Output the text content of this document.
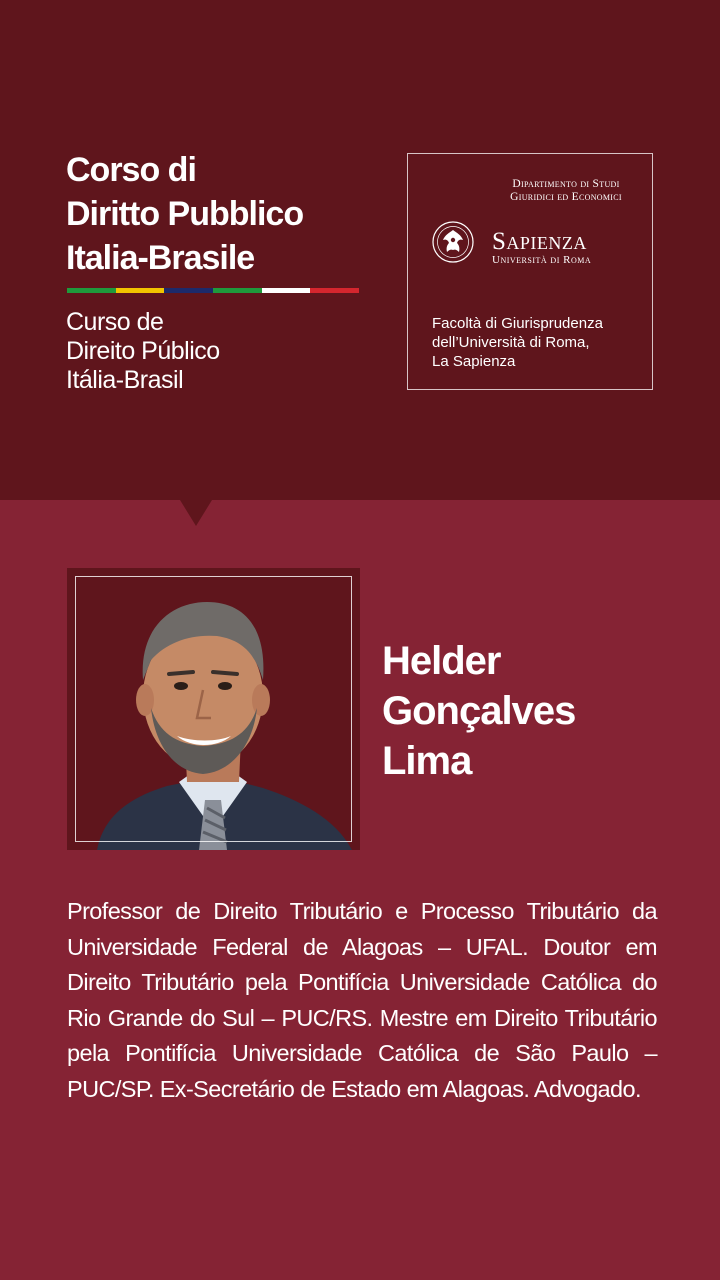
Corso di
Diritto Pubblico
Italia-Brasile
Curso de
Direito Público
Itália-Brasil
Dipartimento di Studi
Giuridici ed Economici
Sapienza
Università di Roma
Facoltà di Giurisprudenza
dell’Università di Roma,
La Sapienza
Helder
Gonçalves
Lima

Professor de Direito Tributário e Processo Tributário da Universidade Federal de Alagoas – UFAL. Doutor em Direito Tributário pela Pontifícia Universidade Católica do Rio Grande do Sul – PUC/RS. Mestre em Direito Tributário pela Pontifícia Universidade Católica de São Paulo – PUC/SP. Ex-Secretário de Estado em Alagoas. Advogado.
